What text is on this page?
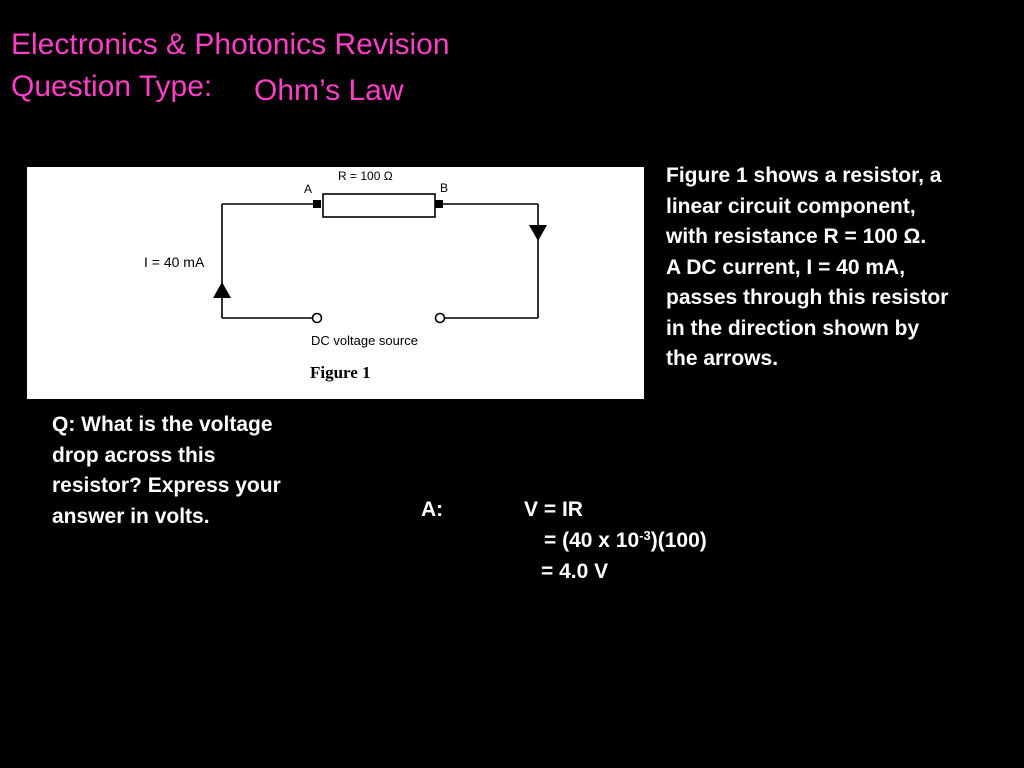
Electronics & Photonics Revision
Question Type: Ohm’s Law
R = 100 Ω
A	B
I = 40 mA
DC voltage source
Figure 1
Figure 1 shows a resistor, a
linear circuit component,
with resistance R = 100 Ω.
A DC current, I = 40 mA,
passes through this resistor
in the direction shown by
the arrows.
Q: What is the voltage
drop across this
resistor? Express your
answer in volts.	A:	V = IR
= (40 x $10^{-3})(100)$
= 4.0 V
